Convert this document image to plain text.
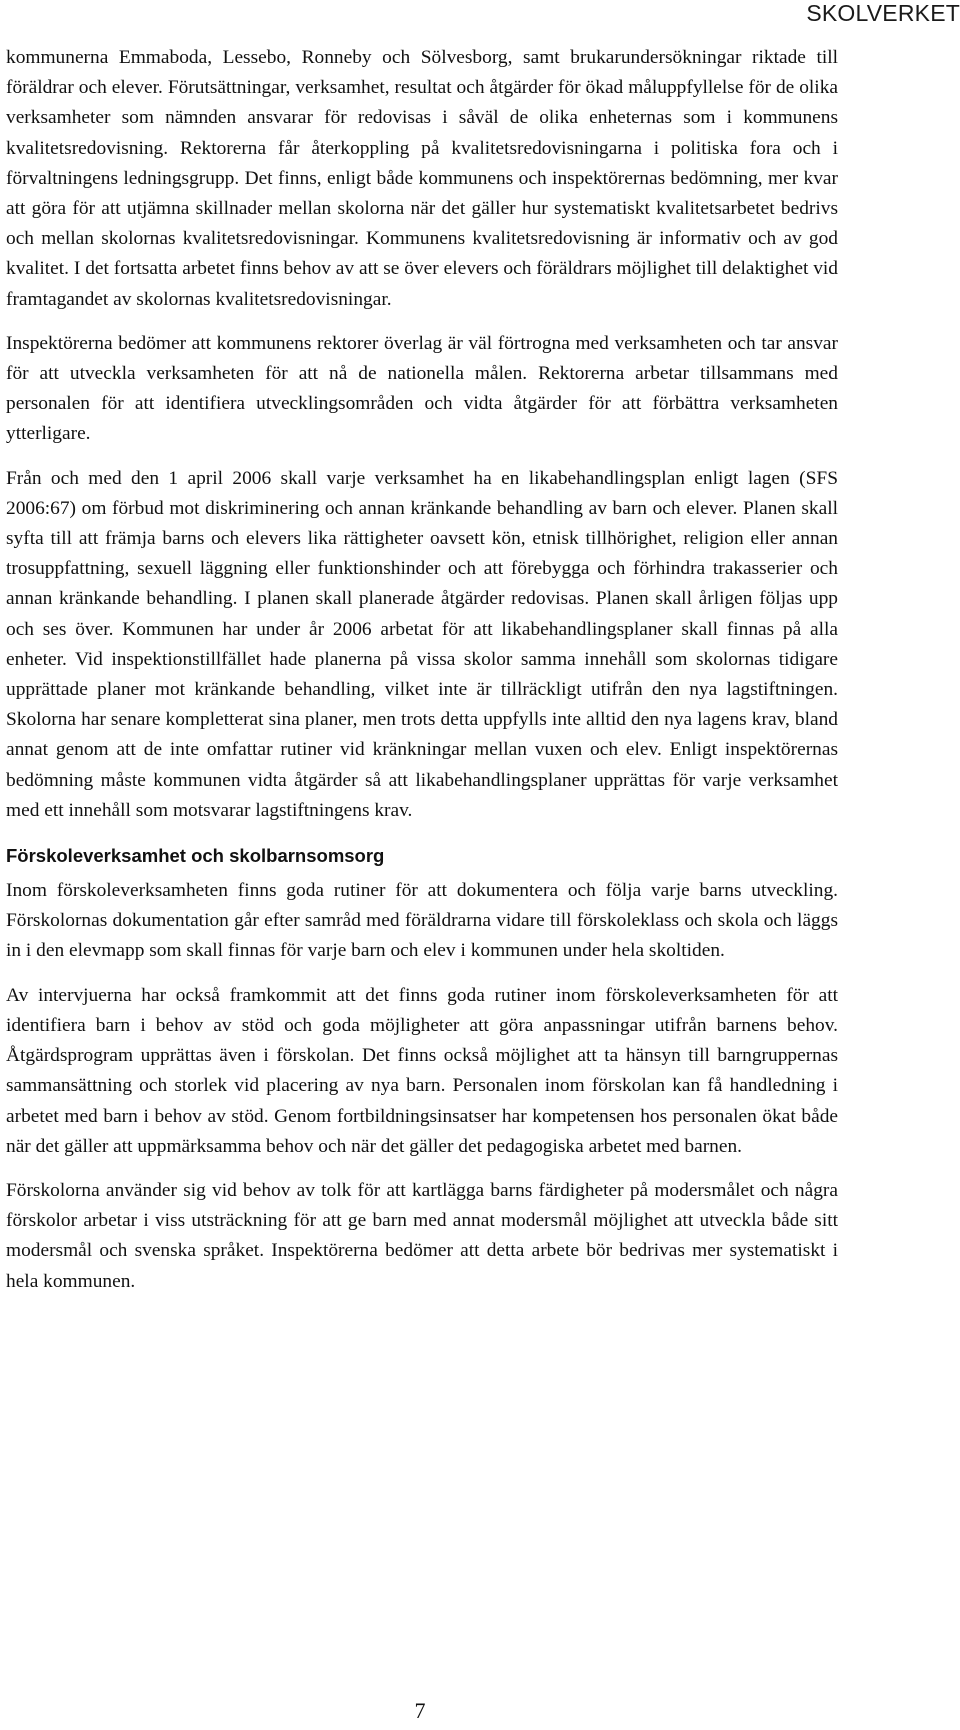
SKOLVERKET

kommunerna Emmaboda, Lessebo, Ronneby och Sölvesborg, samt brukarundersökningar riktade till föräldrar och elever. Förutsättningar, verksamhet, resultat och åtgärder för ökad måluppfyllelse för de olika verksamheter som nämnden ansvarar för redovisas i såväl de olika enheternas som i kommunens kvalitetsredovisning. Rektorerna får återkoppling på kvalitetsredovisningarna i politiska fora och i förvaltningens ledningsgrupp. Det finns, enligt både kommunens och inspektörernas bedömning, mer kvar att göra för att utjämna skillnader mellan skolorna när det gäller hur systematiskt kvalitetsarbetet bedrivs och mellan skolornas kvalitetsredovisningar. Kommunens kvalitetsredovisning är informativ och av god kvalitet. I det fortsatta arbetet finns behov av att se över elevers och föräldrars möjlighet till delaktighet vid framtagandet av skolornas kvalitetsredovisningar.

Inspektörerna bedömer att kommunens rektorer överlag är väl förtrogna med verksamheten och tar ansvar för att utveckla verksamheten för att nå de nationella målen. Rektorerna arbetar tillsammans med personalen för att identifiera utvecklingsområden och vidta åtgärder för att förbättra verksamheten ytterligare.

Från och med den 1 april 2006 skall varje verksamhet ha en likabehandlingsplan enligt lagen (SFS 2006:67) om förbud mot diskriminering och annan kränkande behandling av barn och elever. Planen skall syfta till att främja barns och elevers lika rättigheter oavsett kön, etnisk tillhörighet, religion eller annan trosuppfattning, sexuell läggning eller funktionshinder och att förebygga och förhindra trakasserier och annan kränkande behandling. I planen skall planerade åtgärder redovisas. Planen skall årligen följas upp och ses över. Kommunen har under år 2006 arbetat för att likabehandlingsplaner skall finnas på alla enheter. Vid inspektionstillfället hade planerna på vissa skolor samma innehåll som skolornas tidigare upprättade planer mot kränkande behandling, vilket inte är tillräckligt utifrån den nya lagstiftningen. Skolorna har senare kompletterat sina planer, men trots detta uppfylls inte alltid den nya lagens krav, bland annat genom att de inte omfattar rutiner vid kränkningar mellan vuxen och elev. Enligt inspektörernas bedömning måste kommunen vidta åtgärder så att likabehandlingsplaner upprättas för varje verksamhet med ett innehåll som motsvarar lagstiftningens krav.

Förskoleverksamhet och skolbarnsomsorg

Inom förskoleverksamheten finns goda rutiner för att dokumentera och följa varje barns utveckling. Förskolornas dokumentation går efter samråd med föräldrarna vidare till förskoleklass och skola och läggs in i den elevmapp som skall finnas för varje barn och elev i kommunen under hela skoltiden.

Av intervjuerna har också framkommit att det finns goda rutiner inom förskoleverksamheten för att identifiera barn i behov av stöd och goda möjligheter att göra anpassningar utifrån barnens behov. Åtgärdsprogram upprättas även i förskolan. Det finns också möjlighet att ta hänsyn till barngruppernas sammansättning och storlek vid placering av nya barn. Personalen inom förskolan kan få handledning i arbetet med barn i behov av stöd. Genom fortbildningsinsatser har kompetensen hos personalen ökat både när det gäller att uppmärksamma behov och när det gäller det pedagogiska arbetet med barnen.

Förskolorna använder sig vid behov av tolk för att kartlägga barns färdigheter på modersmålet och några förskolor arbetar i viss utsträckning för att ge barn med annat modersmål möjlighet att utveckla både sitt modersmål och svenska språket. Inspektörerna bedömer att detta arbete bör bedrivas mer systematiskt i hela kommunen.

7
